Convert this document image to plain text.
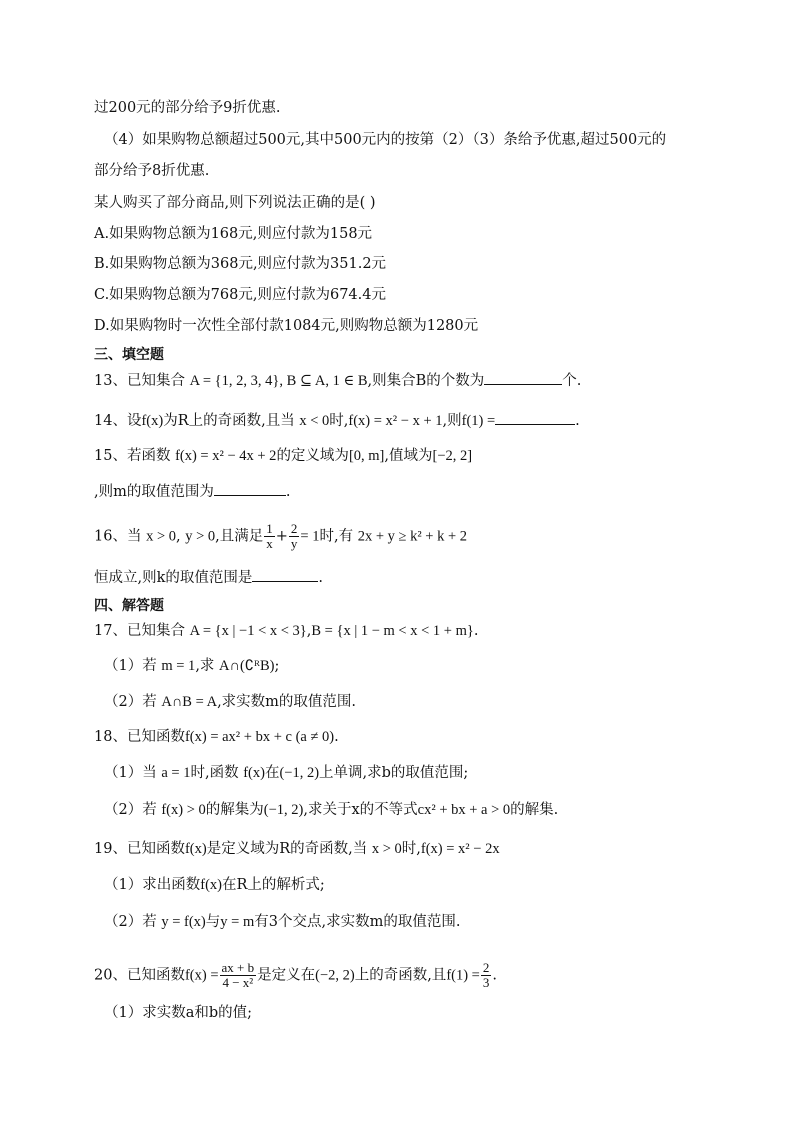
过200元的部分给予9折优惠.
（4）如果购物总额超过500元,其中500元内的按第（2）（3）条给予优惠,超过500元的
部分给予8折优惠.
某人购买了部分商品,则下列说法正确的是( )
A.如果购物总额为168元,则应付款为158元
B.如果购物总额为368元,则应付款为351.2元
C.如果购物总额为768元,则应付款为674.4元
D.如果购物时一次性全部付款1084元,则购物总额为1280元
三、填空题
13、已知集合 A = {1, 2, 3, 4}, B ⊆ A, 1 ∈ B,则集合B的个数为	个.
14、设f(x)为R上的奇函数,且当 x < 0时,f(x) = x² − x + 1,则f(1) =	.
15、若函数 f(x) = x² − 4x + 2的定义域为[0, m],值域为[−2, 2]
,则m的取值范围为	.
16、当 x > 0, y > 0,且满足 $\frac{1}{x} + \frac{2}{y} = 1$时,有 2x + y ≥ k² + k + 2
恒成立,则k的取值范围是	.
四、解答题
17、已知集合 A = {x | −1 < x < 3},B = {x | 1 − m < x < 1 + m}.
（1）若 m = 1,求 A∩(∁ᴿB);
（2）若 A∩B = A,求实数m的取值范围.
18、已知函数f(x) = ax² + bx + c (a ≠ 0).
（1）当 a = 1时,函数 f(x)在(−1, 2)上单调,求b的取值范围;
（2）若 f(x) > 0的解集为(−1, 2),求关于x的不等式cx² + bx + a > 0的解集.
19、已知函数f(x)是定义域为R的奇函数,当 x > 0时,f(x) = x² − 2x
（1）求出函数f(x)在R上的解析式;
（2）若 y = f(x)与y = m有3个交点,求实数m的取值范围.
20、已知函数$f(x) = \frac{ax + b}{\text{4 − x²}}$ 是定义在(−2, 2)上的奇函数,且$f(1) = \frac{2}{3}$ .
（1）求实数a和b的值;
